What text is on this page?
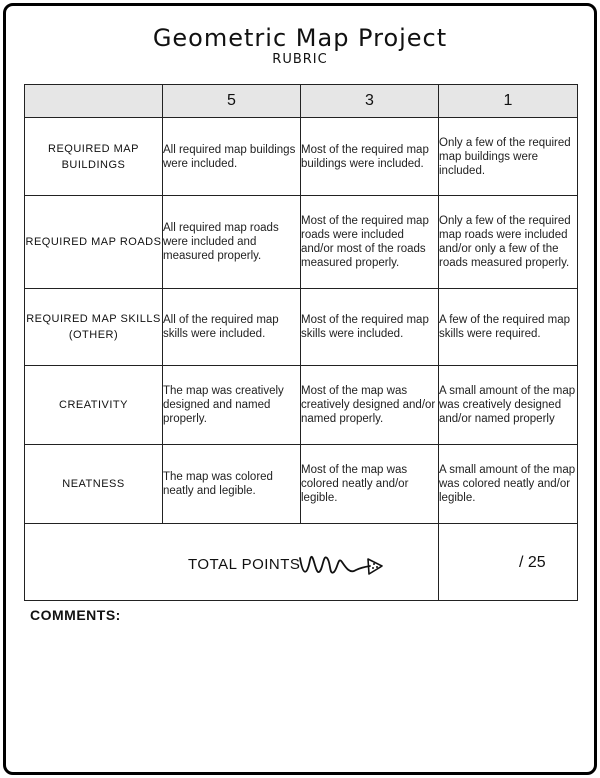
Geometric Map Project
RUBRIC
	5	3	1
REQUIRED MAP BUILDINGS	All required map buildings were included.	Most of the required map buildings were included.	Only a few of the required map buildings were included.
REQUIRED MAP ROADS	All required map roads were included and measured properly.	Most of the required map roads were included and/or most of the roads measured properly.	Only a few of the required map roads were included and/or only a few of the roads measured properly.
REQUIRED MAP SKILLS (OTHER)	All of the required map skills were included.	Most of the required map skills were included.	A few of the required map skills were required.
CREATIVITY	The map was creatively designed and named properly.	Most of the map was creatively designed and/or named properly.	A small amount of the map was creatively designed and/or named properly
NEATNESS	The map was colored neatly and legible.	Most of the map was colored neatly and/or legible.	A small amount of the map was colored neatly and/or legible.

TOTAL POINTS	/ 25
COMMENTS:
